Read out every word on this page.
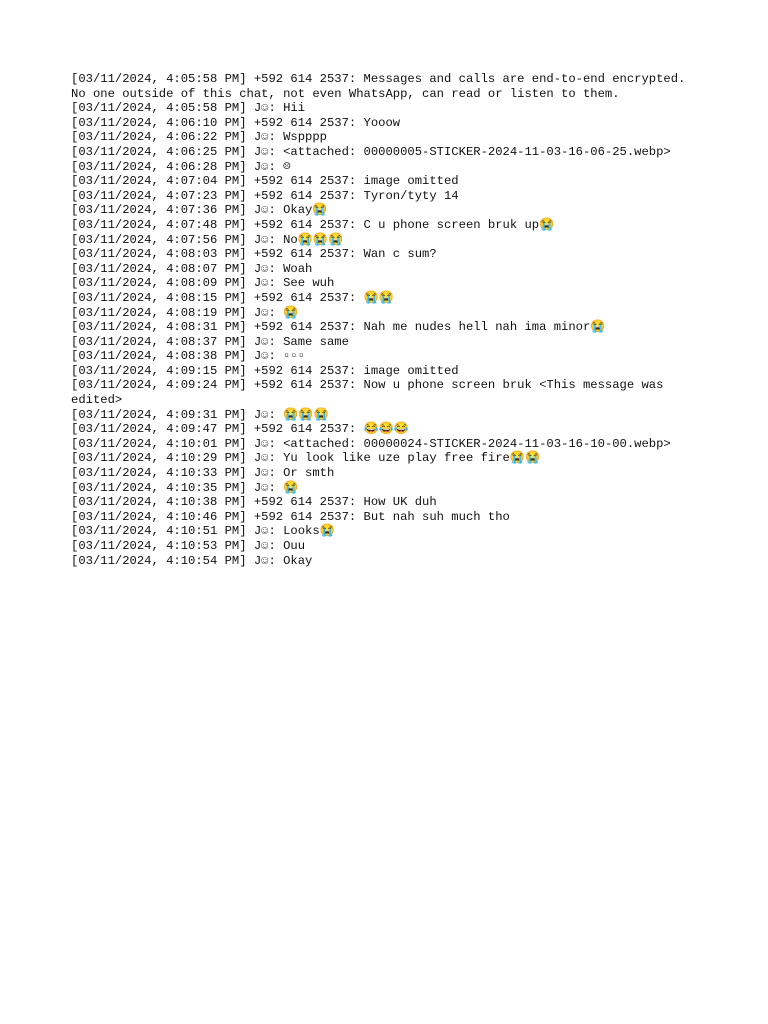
[03/11/2024, 4:05:58 PM] +592 614 2537: Messages and calls are end-to-end encrypted. No one outside of this chat, not even WhatsApp, can read or listen to them.

[03/11/2024, 4:05:58 PM] J☺: Hii

[03/11/2024, 4:06:10 PM] +592 614 2537: Yooow

[03/11/2024, 4:06:22 PM] J☺: Wspppp

[03/11/2024, 4:06:25 PM] J☺: <attached: 00000005-STICKER-2024-11-03-16-06-25.webp>

[03/11/2024, 4:06:28 PM] J☺: ☹

[03/11/2024, 4:07:04 PM] +592 614 2537: image omitted

[03/11/2024, 4:07:23 PM] +592 614 2537: Tyron/tyty 14

[03/11/2024, 4:07:36 PM] J☺: Okay😭

[03/11/2024, 4:07:48 PM] +592 614 2537: C u phone screen bruk up😭

[03/11/2024, 4:07:56 PM] J☺: No😭😭😭

[03/11/2024, 4:08:03 PM] +592 614 2537: Wan c sum?

[03/11/2024, 4:08:07 PM] J☺: Woah

[03/11/2024, 4:08:09 PM] J☺: See wuh

[03/11/2024, 4:08:15 PM] +592 614 2537: 😭😭

[03/11/2024, 4:08:19 PM] J☺: 😭

[03/11/2024, 4:08:31 PM] +592 614 2537: Nah me nudes hell nah ima minor😭

[03/11/2024, 4:08:37 PM] J☺: Same same

[03/11/2024, 4:08:38 PM] J☺: ▫▫▫

[03/11/2024, 4:09:15 PM] +592 614 2537: image omitted

[03/11/2024, 4:09:24 PM] +592 614 2537: Now u phone screen bruk <This message was edited>

[03/11/2024, 4:09:31 PM] J☺: 😭😭😭

[03/11/2024, 4:09:47 PM] +592 614 2537: 😂😂😂

[03/11/2024, 4:10:01 PM] J☺: <attached: 00000024-STICKER-2024-11-03-16-10-00.webp>

[03/11/2024, 4:10:29 PM] J☺: Yu look like uze play free fire😭😭

[03/11/2024, 4:10:33 PM] J☺: Or smth

[03/11/2024, 4:10:35 PM] J☺: 😭

[03/11/2024, 4:10:38 PM] +592 614 2537: How UK duh

[03/11/2024, 4:10:46 PM] +592 614 2537: But nah suh much tho

[03/11/2024, 4:10:51 PM] J☺: Looks😭

[03/11/2024, 4:10:53 PM] J☺: Ouu

[03/11/2024, 4:10:54 PM] J☺: Okay
